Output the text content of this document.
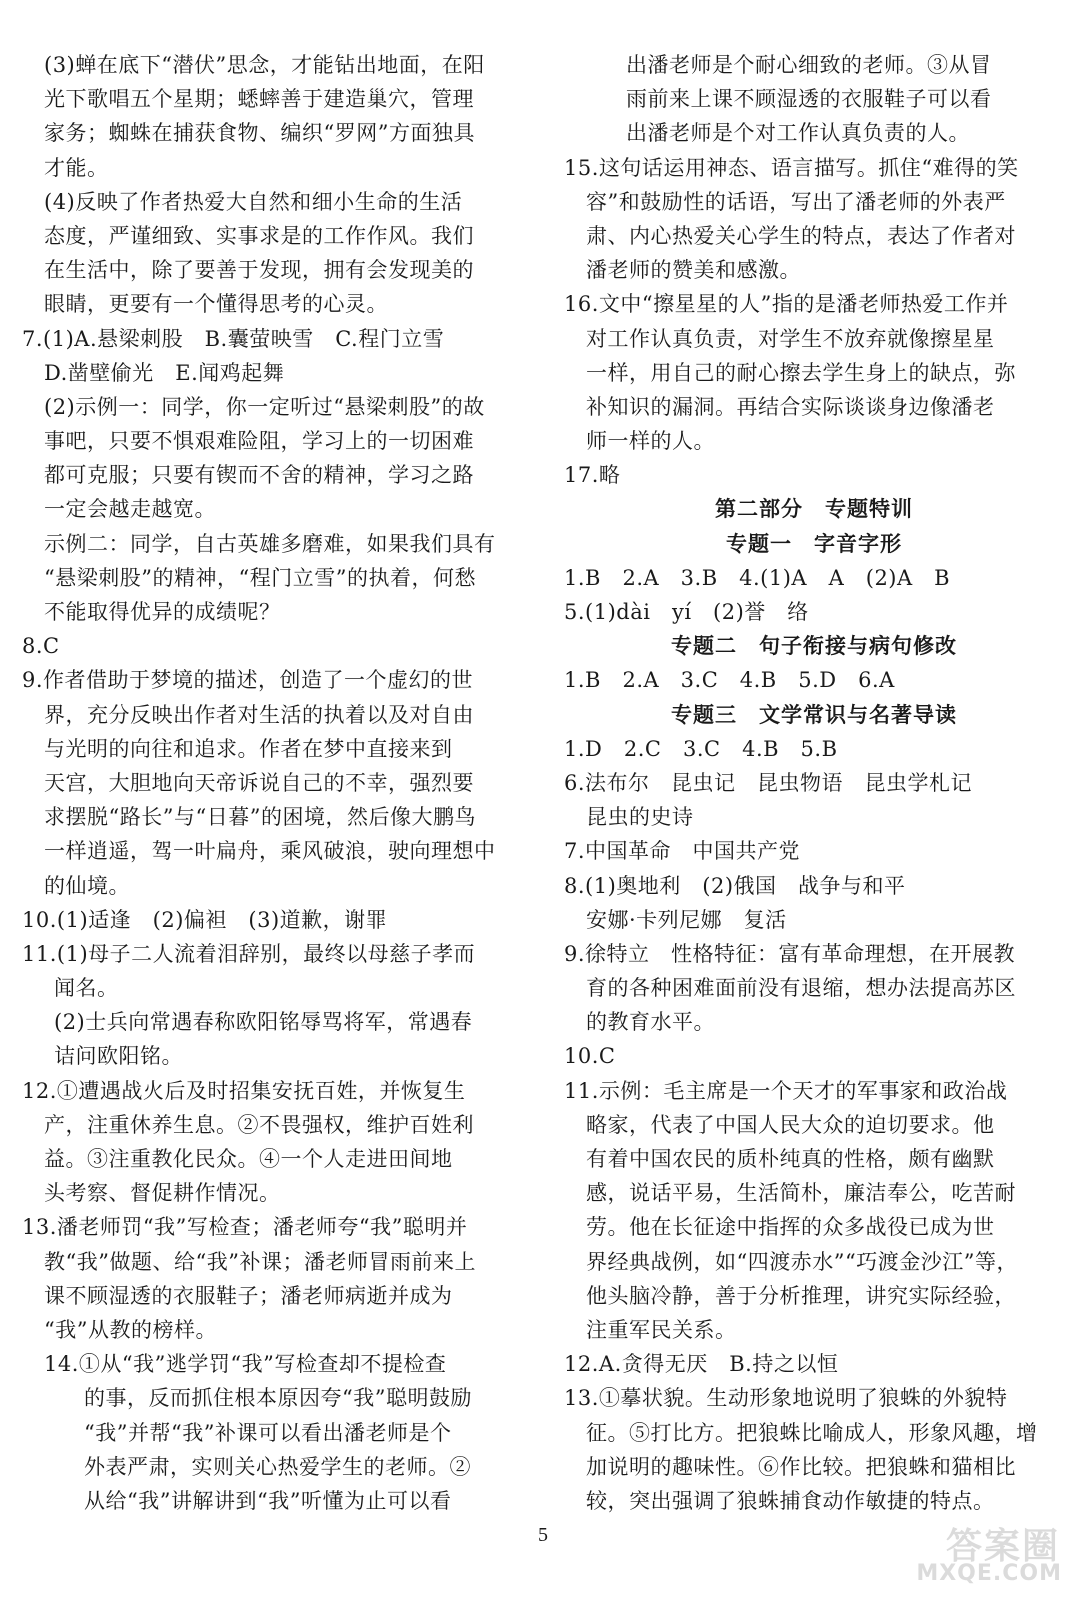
(3)蝉在底下“潜伏”思念，才能钻出地面，在阳
光下歌唱五个星期；蟋蟀善于建造巢穴，管理
家务；蜘蛛在捕获食物、编织“罗网”方面独具
才能。
(4)反映了作者热爱大自然和细小生命的生活
态度，严谨细致、实事求是的工作作风。我们
在生活中，除了要善于发现，拥有会发现美的
眼睛，更要有一个懂得思考的心灵。
7.(1)A.悬梁刺股　B.囊萤映雪　C.程门立雪
D.凿壁偷光　E.闻鸡起舞
(2)示例一：同学，你一定听过“悬梁刺股”的故
事吧，只要不惧艰难险阻，学习上的一切困难
都可克服；只要有锲而不舍的精神，学习之路
一定会越走越宽。
示例二：同学，自古英雄多磨难，如果我们具有
“悬梁刺股”的精神，“程门立雪”的执着，何愁
不能取得优异的成绩呢？
8.C
9.作者借助于梦境的描述，创造了一个虚幻的世
界，充分反映出作者对生活的执着以及对自由
与光明的向往和追求。作者在梦中直接来到
天宫，大胆地向天帝诉说自己的不幸，强烈要
求摆脱“路长”与“日暮”的困境，然后像大鹏鸟
一样逍遥，驾一叶扁舟，乘风破浪，驶向理想中
的仙境。
10.(1)适逢　(2)偏袒　(3)道歉，谢罪
11.(1)母子二人流着泪辞别，最终以母慈子孝而
闻名。
(2)士兵向常遇春称欧阳铭辱骂将军，常遇春
诘问欧阳铭。
12.①遭遇战火后及时招集安抚百姓，并恢复生
产，注重休养生息。②不畏强权，维护百姓利
益。③注重教化民众。④一个人走进田间地
头考察、督促耕作情况。
13.潘老师罚“我”写检查；潘老师夸“我”聪明并
教“我”做题、给“我”补课；潘老师冒雨前来上
课不顾湿透的衣服鞋子；潘老师病逝并成为
“我”从教的榜样。
14.①从“我”逃学罚“我”写检查却不提检查
的事，反而抓住根本原因夸“我”聪明鼓励
“我”并帮“我”补课可以看出潘老师是个
外表严肃，实则关心热爱学生的老师。②
从给“我”讲解讲到“我”听懂为止可以看
出潘老师是个耐心细致的老师。③从冒
雨前来上课不顾湿透的衣服鞋子可以看
出潘老师是个对工作认真负责的人。
15.这句话运用神态、语言描写。抓住“难得的笑
容”和鼓励性的话语，写出了潘老师的外表严
肃、内心热爱关心学生的特点，表达了作者对
潘老师的赞美和感激。
16.文中“擦星星的人”指的是潘老师热爱工作并
对工作认真负责，对学生不放弃就像擦星星
一样，用自己的耐心擦去学生身上的缺点，弥
补知识的漏洞。再结合实际谈谈身边像潘老
师一样的人。
17.略
第二部分　专题特训
专题一　字音字形
1.B　2.A　3.B　4.(1)A　A　(2)A　B
5.(1)dài　yí　(2)誉　络
专题二　句子衔接与病句修改
1.B　2.A　3.C　4.B　5.D　6.A
专题三　文学常识与名著导读
1.D　2.C　3.C　4.B　5.B
6.法布尔　昆虫记　昆虫物语　昆虫学札记
昆虫的史诗
7.中国革命　中国共产党
8.(1)奥地利　(2)俄国　战争与和平
安娜·卡列尼娜　复活
9.徐特立　性格特征：富有革命理想，在开展教
育的各种困难面前没有退缩，想办法提高苏区
的教育水平。
10.C
11.示例：毛主席是一个天才的军事家和政治战
略家，代表了中国人民大众的迫切要求。他
有着中国农民的质朴纯真的性格，颇有幽默
感，说话平易，生活简朴，廉洁奉公，吃苦耐
劳。他在长征途中指挥的众多战役已成为世
界经典战例，如“四渡赤水”“巧渡金沙江”等，
他头脑冷静，善于分析推理，讲究实际经验，
注重军民关系。
12.A.贪得无厌　B.持之以恒
13.①摹状貌。生动形象地说明了狼蛛的外貌特
征。⑤打比方。把狼蛛比喻成人，形象风趣，增
加说明的趣味性。⑥作比较。把狼蛛和猫相比
较，突出强调了狼蛛捕食动作敏捷的特点。
5	答案圈
MXQE.COM
